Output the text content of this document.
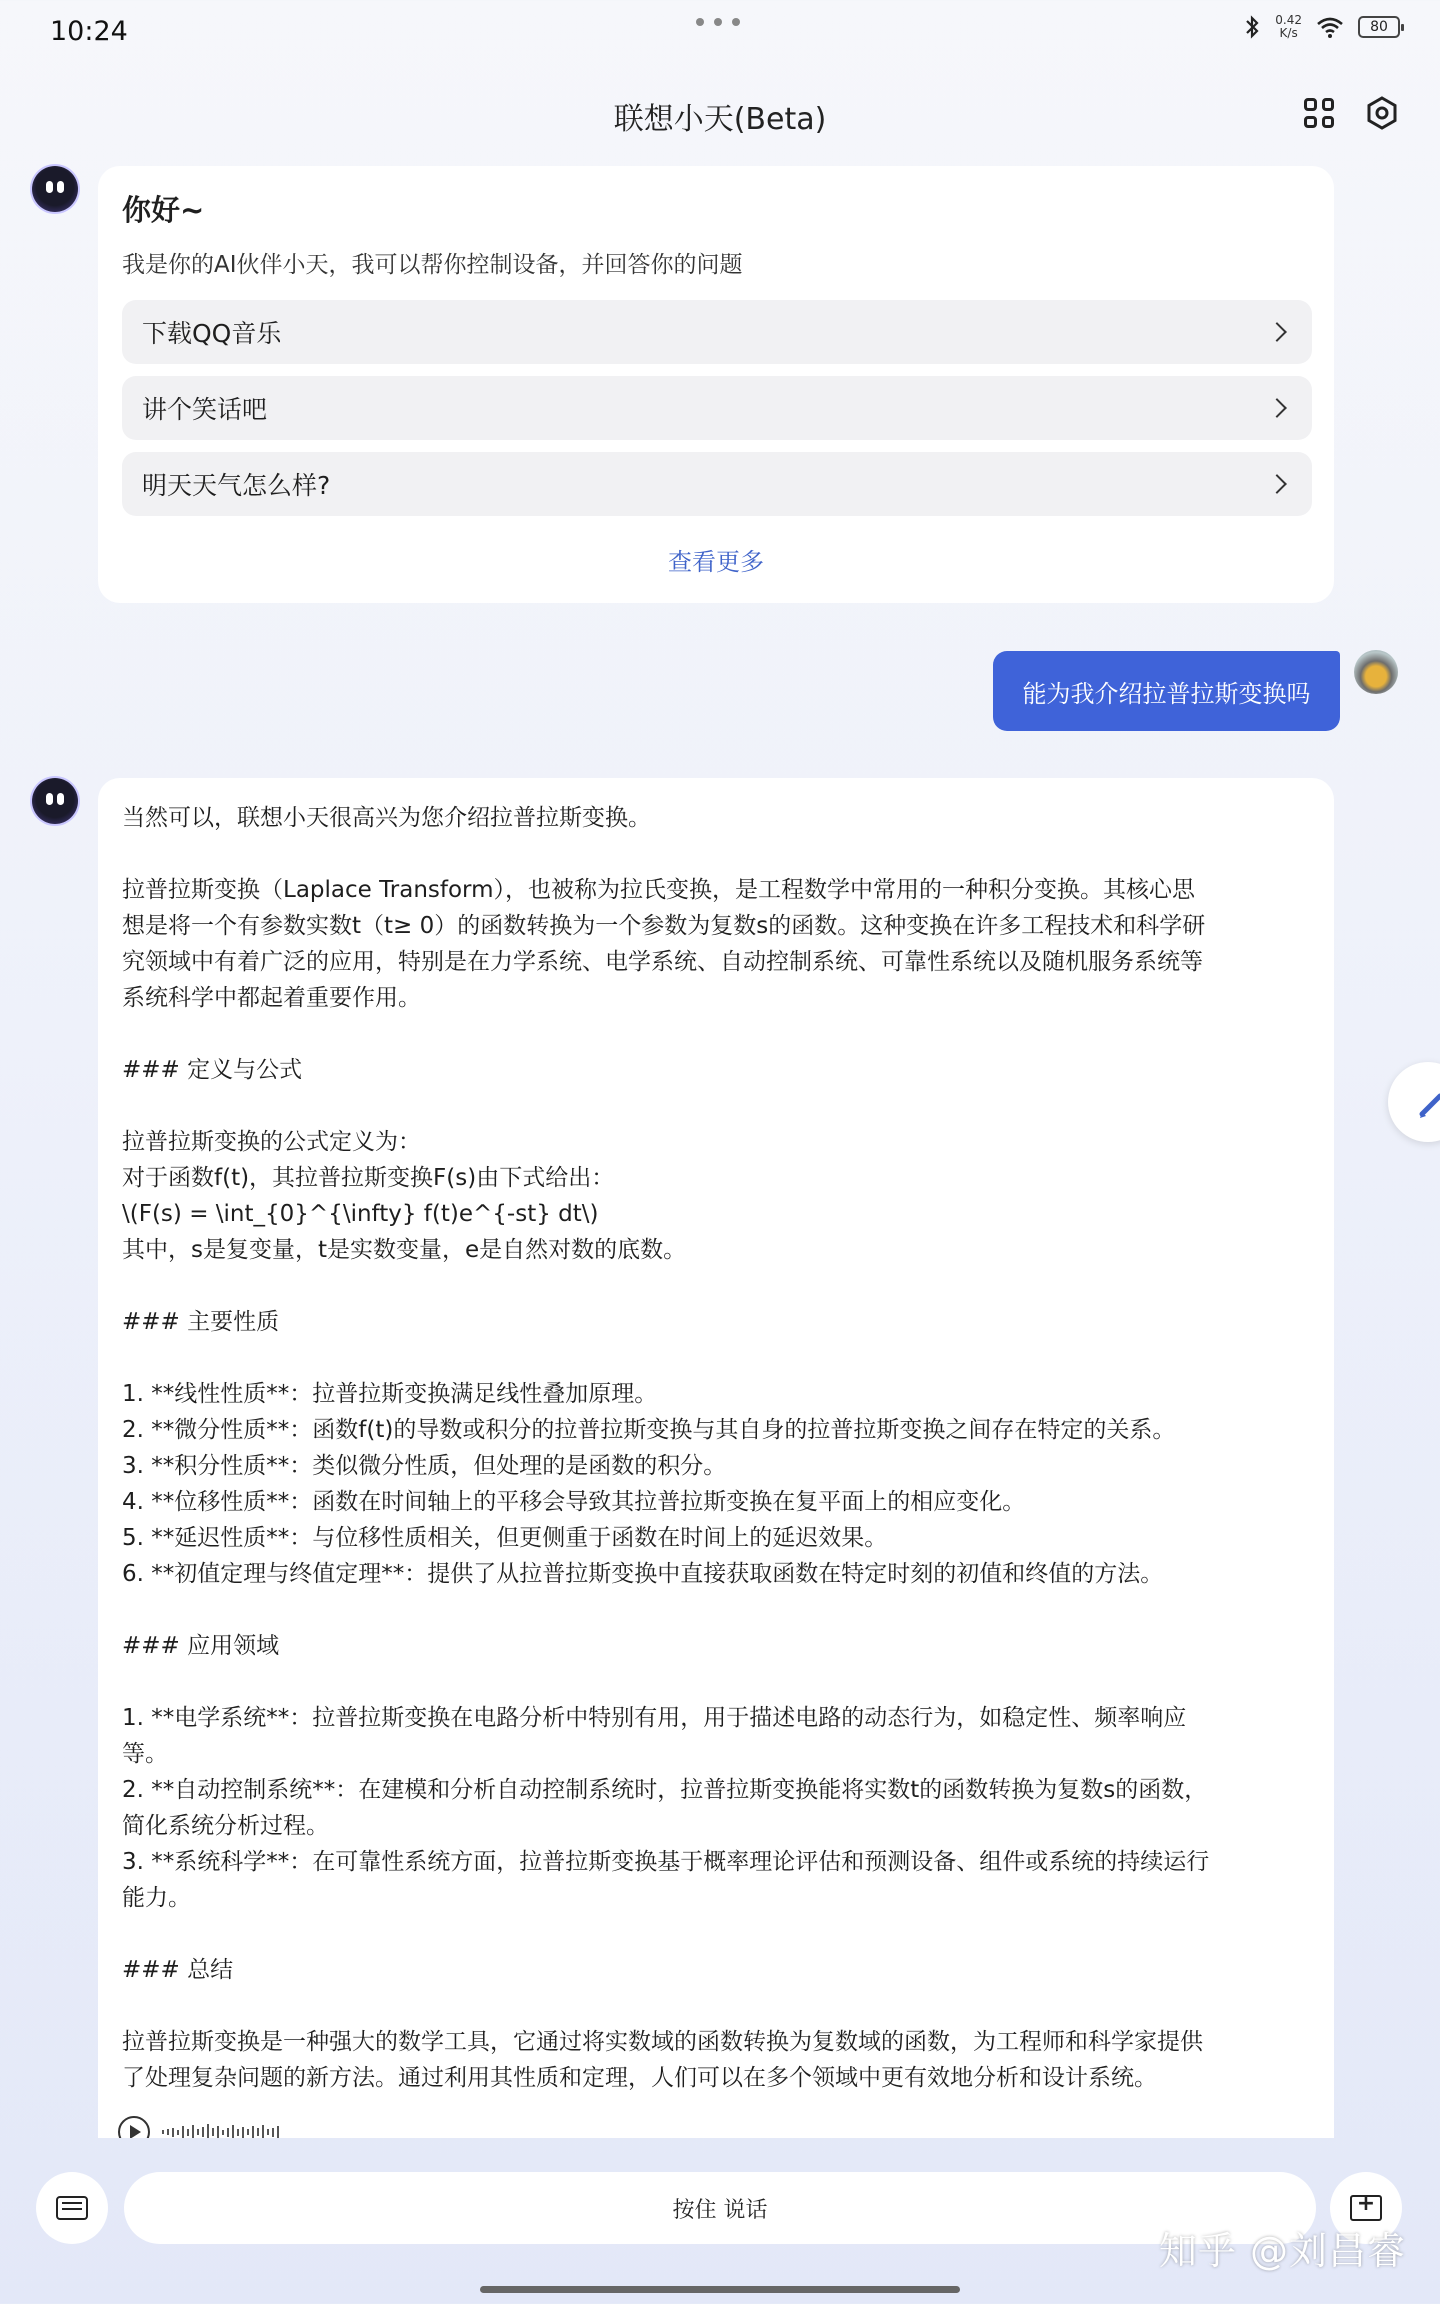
10:24	0.42
K/s	80
联想小天(Beta)
你好~
我是你的AI伙伴小天，我可以帮你控制设备，并回答你的问题
下载QQ音乐
讲个笑话吧
明天天气怎么样?
查看更多
能为我介绍拉普拉斯变换吗

当然可以，联想小天很高兴为您介绍拉普拉斯变换。

拉普拉斯变换（Laplace Transform），也被称为拉氏变换，是工程数学中常用的一种积分变换。其核心思

想是将一个有参数实数t（t≥ 0）的函数转换为一个参数为复数s的函数。这种变换在许多工程技术和科学研

究领域中有着广泛的应用，特别是在力学系统、电学系统、自动控制系统、可靠性系统以及随机服务系统等

系统科学中都起着重要作用。

### 定义与公式

拉普拉斯变换的公式定义为：

对于函数f(t)，其拉普拉斯变换F(s)由下式给出：

\(F(s) = \int_{0}^{\infty} f(t)e^{-st} dt\)

其中，s是复变量，t是实数变量，e是自然对数的底数。

### 主要性质

1. **线性性质**：拉普拉斯变换满足线性叠加原理。

2. **微分性质**：函数f(t)的导数或积分的拉普拉斯变换与其自身的拉普拉斯变换之间存在特定的关系。

3. **积分性质**：类似微分性质，但处理的是函数的积分。

4. **位移性质**：函数在时间轴上的平移会导致其拉普拉斯变换在复平面上的相应变化。

5. **延迟性质**：与位移性质相关，但更侧重于函数在时间上的延迟效果。

6. **初值定理与终值定理**：提供了从拉普拉斯变换中直接获取函数在特定时刻的初值和终值的方法。

### 应用领域

1. **电学系统**：拉普拉斯变换在电路分析中特别有用，用于描述电路的动态行为，如稳定性、频率响应

等。

2. **自动控制系统**：在建模和分析自动控制系统时，拉普拉斯变换能将实数t的函数转换为复数s的函数，

简化系统分析过程。

3. **系统科学**：在可靠性系统方面，拉普拉斯变换基于概率理论评估和预测设备、组件或系统的持续运行

能力。

### 总结

拉普拉斯变换是一种强大的数学工具，它通过将实数域的函数转换为复数域的函数，为工程师和科学家提供

了处理复杂问题的新方法。通过利用其性质和定理，人们可以在多个领域中更有效地分析和设计系统。

按住 说话
+
知乎 @刘昌睿
